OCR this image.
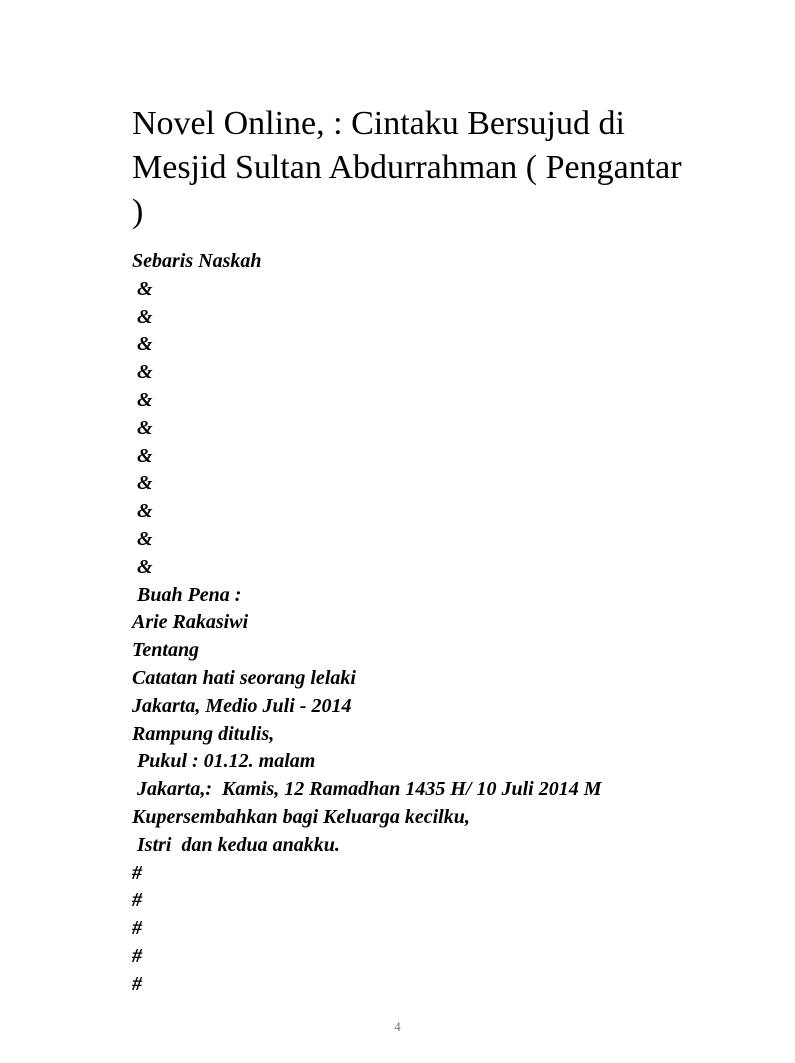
Novel Online, : Cintaku Bersujud di Mesjid Sultan Abdurrahman ( Pengantar )
Sebaris Naskah
&
&
&
&
&
&
&
&
&
&
&
Buah Pena :
Arie Rakasiwi
Tentang
Catatan hati seorang lelaki
Jakarta, Medio Juli - 2014
Rampung ditulis,
Pukul : 01.12. malam
Jakarta,:  Kamis, 12 Ramadhan 1435 H/ 10 Juli 2014 M
Kupersembahkan bagi Keluarga kecilku,
Istri  dan kedua anakku.
#
#
#
#
#
4
